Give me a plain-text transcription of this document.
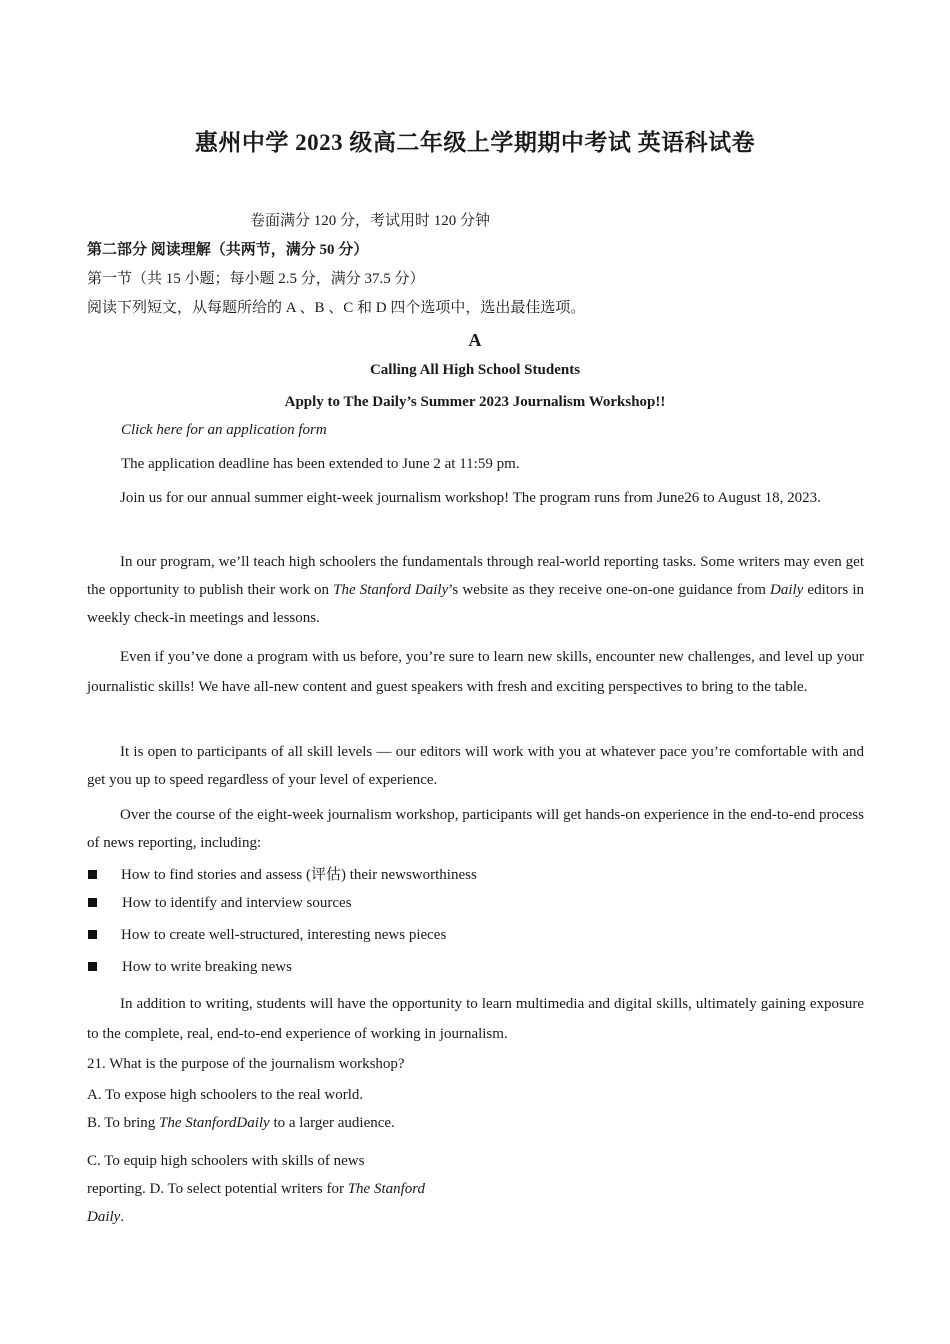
惠州中学 2023 级高二年级上学期期中考试 英语科试卷
卷面满分 120 分，考试用时 120 分钟
第二部分 阅读理解（共两节，满分 50 分）
第一节（共 15 小题；每小题 2.5 分，满分 37.5 分）
阅读下列短文，从每题所给的 A 、B 、C 和 D 四个选项中，选出最佳选项。
A
Calling All High School Students
Apply to The Daily’s Summer 2023 Journalism Workshop!!
Click here for an application form
The application deadline has been extended to June 2 at 11:59 pm.
Join us for our annual summer eight-week journalism workshop! The program runs from June26 to August 18, 2023.
In our program, we’ll teach high schoolers the fundamentals through real-world reporting tasks. Some writers may even get the opportunity to publish their work on The Stanford Daily’s website as they receive one-on-one guidance from Daily editors in weekly check-in meetings and lessons.
Even if you’ve done a program with us before, you’re sure to learn new skills, encounter new challenges, and level up your journalistic skills! We have all-new content and guest speakers with fresh and exciting perspectives to bring to the table.
It is open to participants of all skill levels — our editors will work with you at whatever pace you’re comfortable with and get you up to speed regardless of your level of experience.
Over the course of the eight-week journalism workshop, participants will get hands-on experience in the end-to-end process of news reporting, including:
How to find stories and assess (评估) their newsworthiness
How to identify and interview sources
How to create well-structured, interesting news pieces
How to write breaking news
In addition to writing, students will have the opportunity to learn multimedia and digital skills, ultimately gaining exposure to the complete, real, end-to-end experience of working in journalism.
21. What is the purpose of the journalism workshop?
A. To expose high schoolers to the real world.
B. To bring The StanfordDaily to a larger audience.
C. To equip high schoolers with skills of news
reporting. D. To select potential writers for The Stanford
Daily.
